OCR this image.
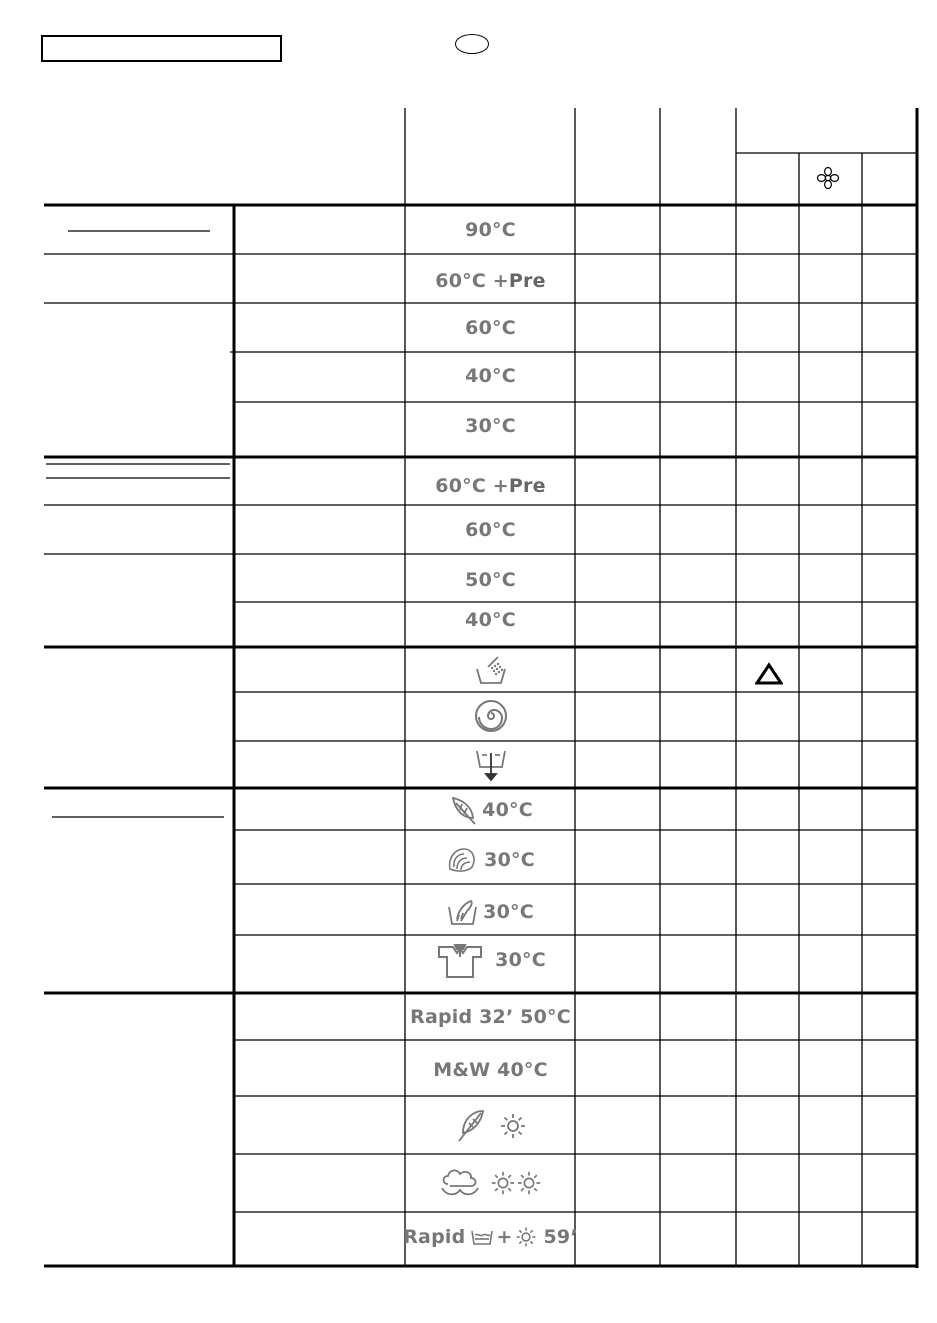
90°C
60°C + Pre
60°C
40°C
30°C
60°C + Pre
60°C
50°C
40°C
40°C
30°C
30°C
30°C
Rapid 32’ 50°C
M&W 40°C
Rapid + 59’
